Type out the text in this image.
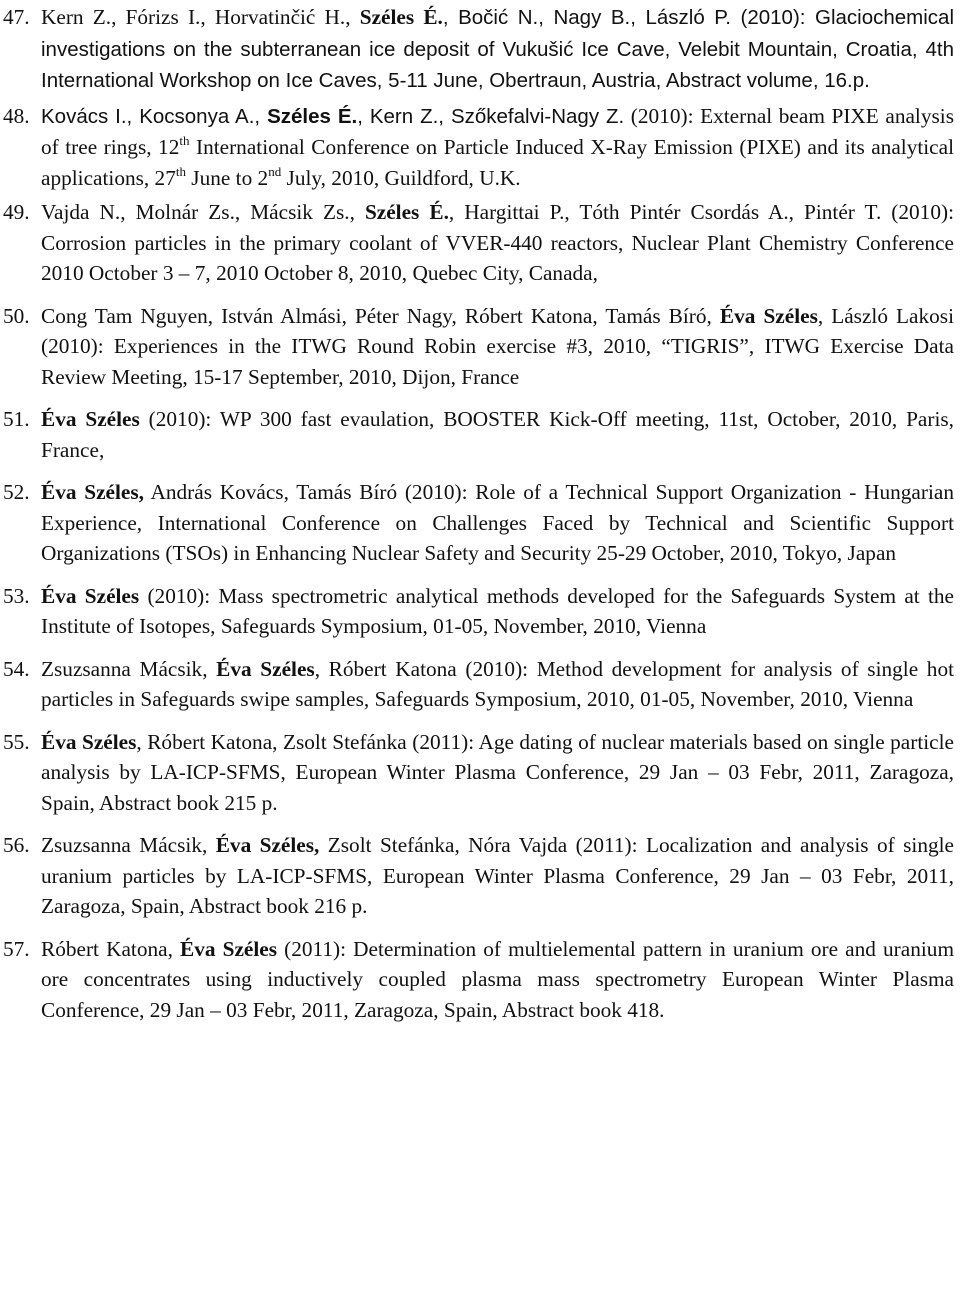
47. Kern Z., Fórizs I., Horvatinčić H., Széles É., Bočić N., Nagy B., László P. (2010): Glaciochemical investigations on the subterranean ice deposit of Vukušić Ice Cave, Velebit Mountain, Croatia, 4th International Workshop on Ice Caves, 5-11 June, Obertraun, Austria, Abstract volume, 16.p.
48. Kovács I., Kocsonya A., Széles É., Kern Z., Szőkefalvi-Nagy Z. (2010): External beam PIXE analysis of tree rings, 12th International Conference on Particle Induced X-Ray Emission (PIXE) and its analytical applications, 27th June to 2nd July, 2010, Guildford, U.K.
49. Vajda N., Molnár Zs., Mácsik Zs., Széles É., Hargittai P., Tóth Pintér Csordás A., Pintér T. (2010): Corrosion particles in the primary coolant of VVER-440 reactors, Nuclear Plant Chemistry Conference 2010 October 3 – 7, 2010 October 8, 2010, Quebec City, Canada,
50. Cong Tam Nguyen, István Almási, Péter Nagy, Róbert Katona, Tamás Bíró, Éva Széles, László Lakosi (2010): Experiences in the ITWG Round Robin exercise #3, 2010, “TIGRIS”, ITWG Exercise Data Review Meeting, 15-17 September, 2010, Dijon, France
51. Éva Széles (2010): WP 300 fast evaulation, BOOSTER Kick-Off meeting, 11st, October, 2010, Paris, France,
52. Éva Széles, András Kovács, Tamás Bíró (2010): Role of a Technical Support Organization - Hungarian Experience, International Conference on Challenges Faced by Technical and Scientific Support Organizations (TSOs) in Enhancing Nuclear Safety and Security 25-29 October, 2010, Tokyo, Japan
53. Éva Széles (2010): Mass spectrometric analytical methods developed for the Safeguards System at the Institute of Isotopes, Safeguards Symposium, 01-05, November, 2010, Vienna
54. Zsuzsanna Mácsik, Éva Széles, Róbert Katona (2010): Method development for analysis of single hot particles in Safeguards swipe samples, Safeguards Symposium, 2010, 01-05, November, 2010, Vienna
55. Éva Széles, Róbert Katona, Zsolt Stefánka (2011): Age dating of nuclear materials based on single particle analysis by LA-ICP-SFMS, European Winter Plasma Conference, 29 Jan – 03 Febr, 2011, Zaragoza, Spain, Abstract book 215 p.
56. Zsuzsanna Mácsik, Éva Széles, Zsolt Stefánka, Nóra Vajda (2011): Localization and analysis of single uranium particles by LA-ICP-SFMS, European Winter Plasma Conference, 29 Jan – 03 Febr, 2011, Zaragoza, Spain, Abstract book 216 p.
57. Róbert Katona, Éva Széles (2011): Determination of multielemental pattern in uranium ore and uranium ore concentrates using inductively coupled plasma mass spectrometry European Winter Plasma Conference, 29 Jan – 03 Febr, 2011, Zaragoza, Spain, Abstract book 418.
